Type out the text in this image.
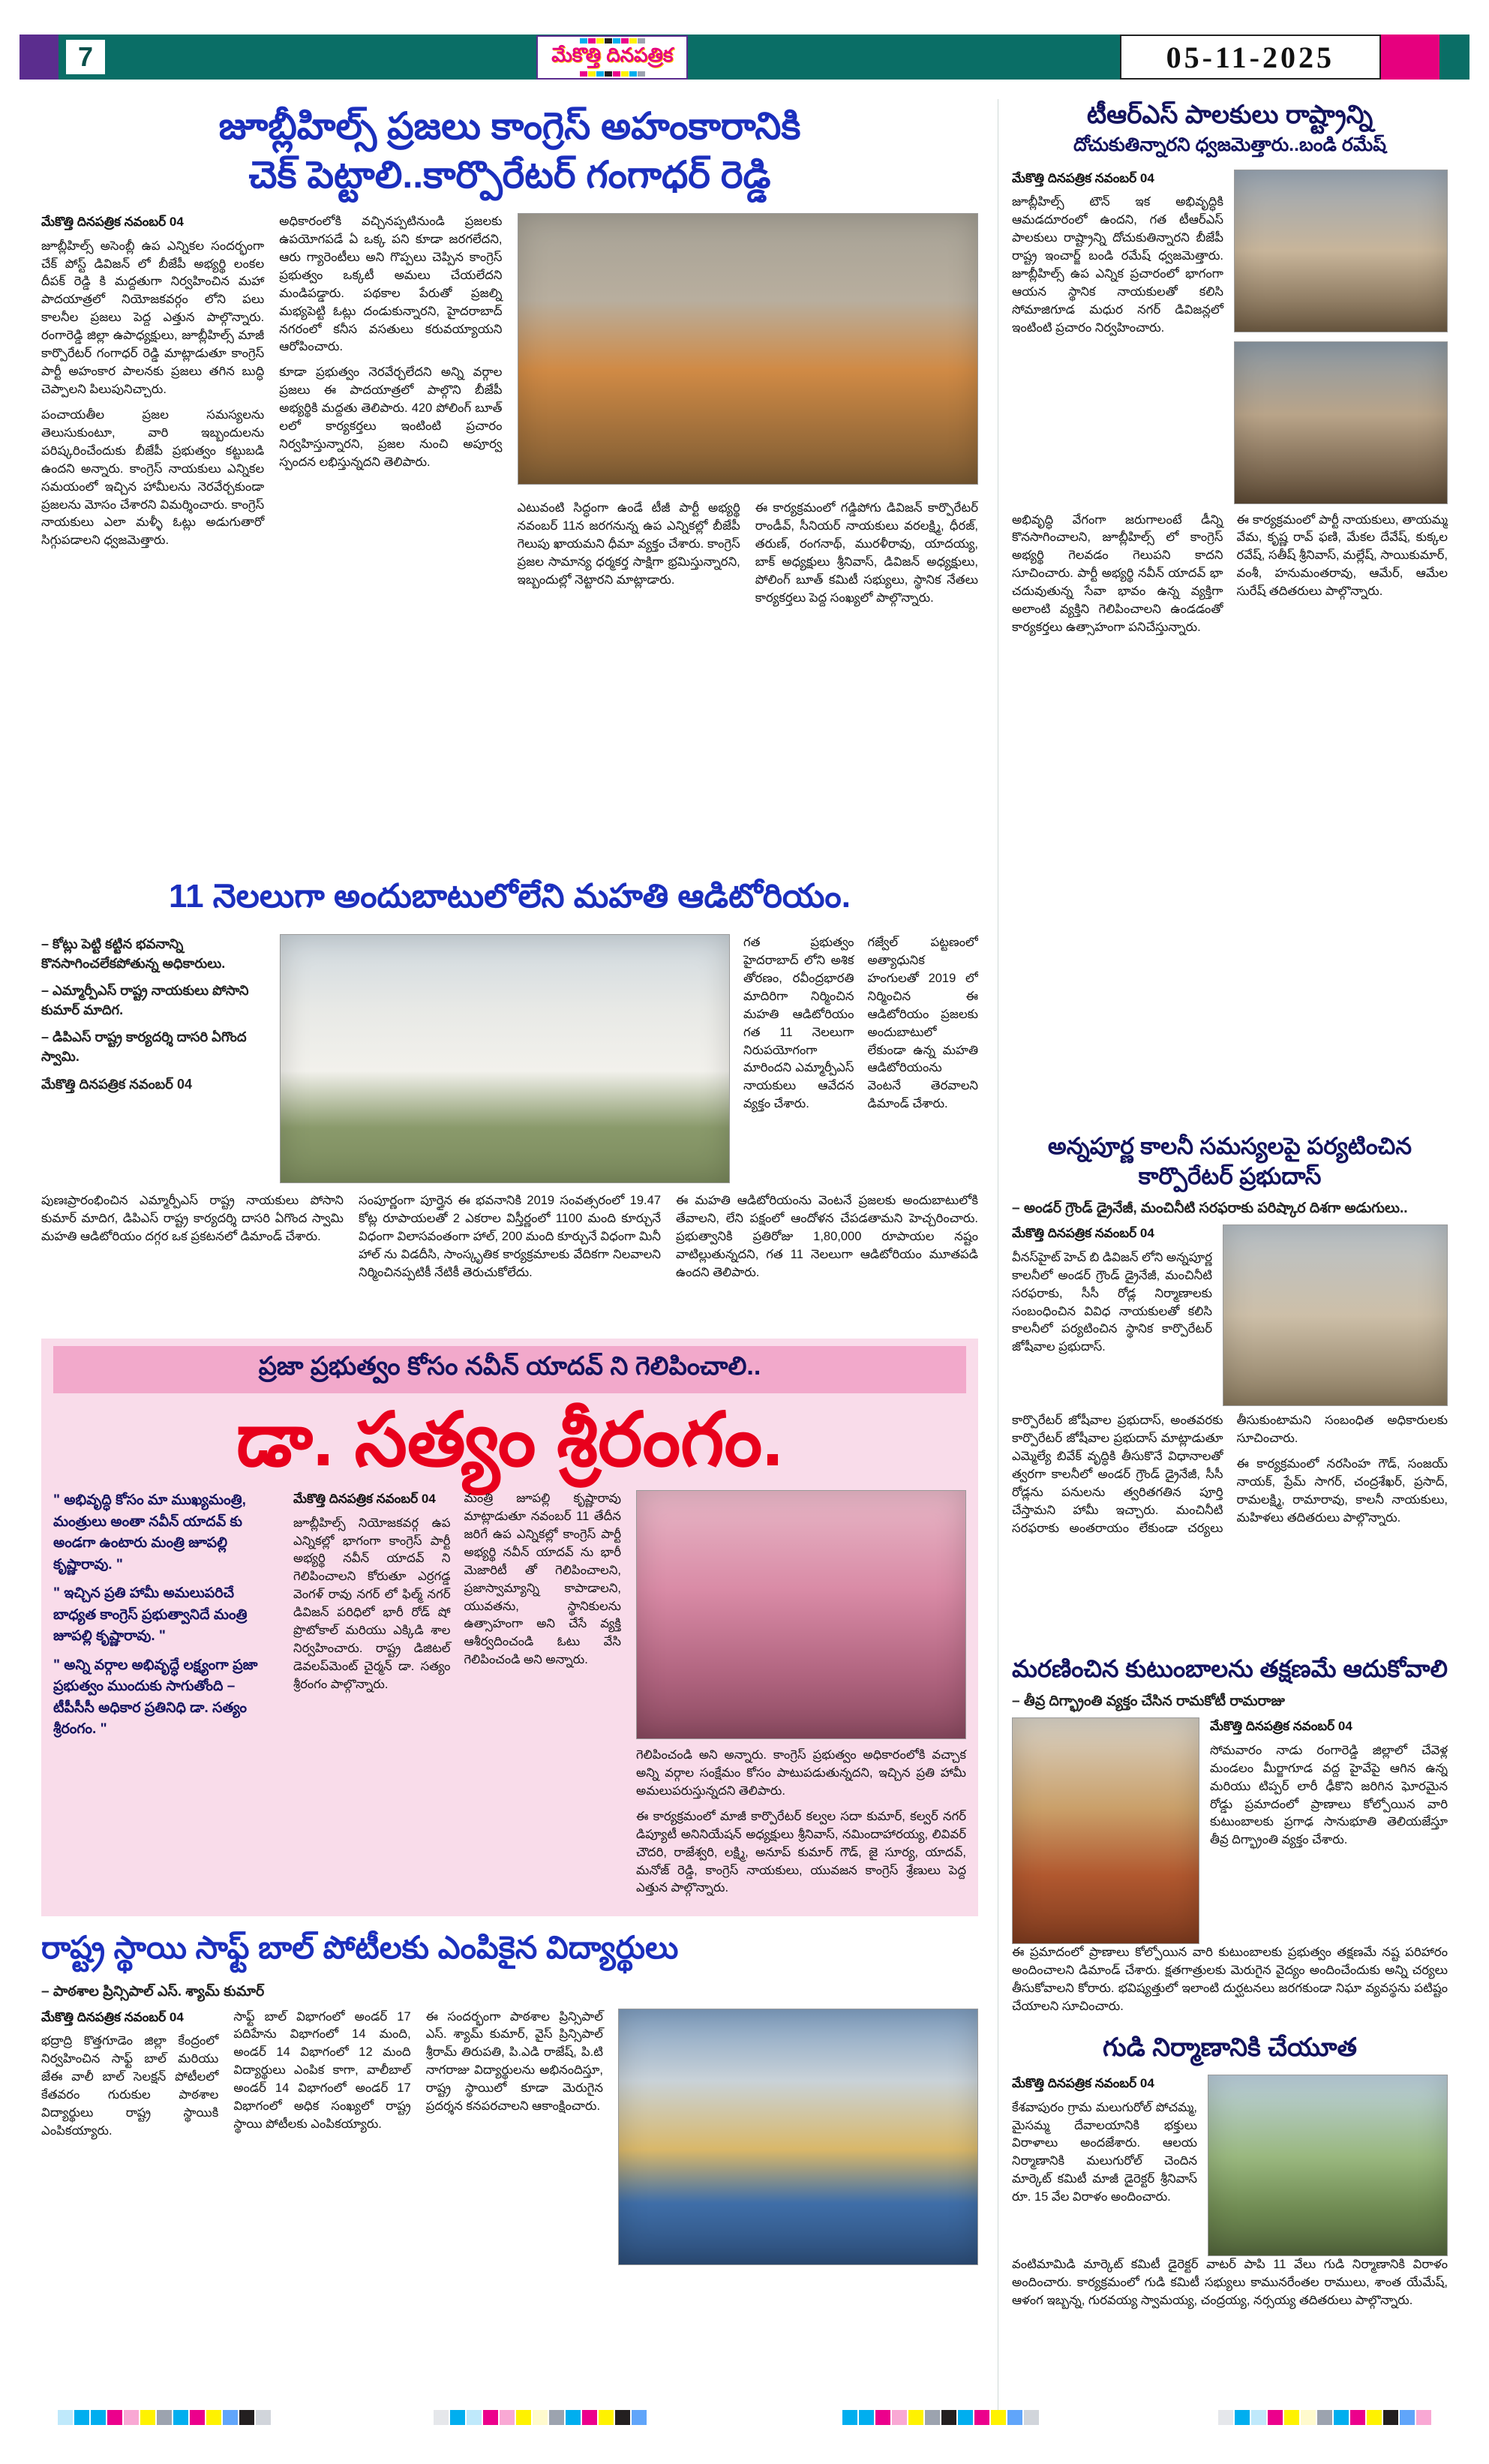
7	మేకొత్తి దినపత్రిక	05-11-2025
జూబ్లీహిల్స్ ప్రజలు కాంగ్రెస్ అహంకారానికి
చెక్ పెట్టాలి..కార్పొరేటర్ గంగాధర్ రెడ్డి

మేకొత్తి దినపత్రిక నవంబర్ 04

జూబ్లీహిల్స్ అసెంబ్లీ ఉప ఎన్నికల సందర్భంగా చేక్ పోస్ట్ డివిజన్ లో బీజేపీ అభ్యర్థి లంకల దీపక్ రెడ్డి కి మద్దతుగా నిర్వహించిన మహా పాదయాత్రలో నియోజకవర్గం లోని పలు కాలనీల ప్రజలు పెద్ద ఎత్తున పాల్గొన్నారు. రంగారెడ్డి జిల్లా ఉపాధ్యక్షులు, జూబ్లీహిల్స్ మాజీ కార్పొరేటర్ గంగాధర్ రెడ్డి మాట్లాడుతూ కాంగ్రెస్ పార్టీ అహంకార పాలనకు ప్రజలు తగిన బుద్ధి చెప్పాలని పిలుపునిచ్చారు.

పంచాయతీల ప్రజల సమస్యలను తెలుసుకుంటూ, వారి ఇబ్బందులను పరిష్కరించేందుకు బీజేపీ ప్రభుత్వం కట్టుబడి ఉందని అన్నారు. కాంగ్రెస్ నాయకులు ఎన్నికల సమయంలో ఇచ్చిన హామీలను నెరవేర్చకుండా ప్రజలను మోసం చేశారని విమర్శించారు. కాంగ్రెస్ నాయకులు ఎలా మళ్ళీ ఓట్లు అడుగుతారో సిగ్గుపడాలని ధ్వజమెత్తారు.

అధికారంలోకి వచ్చినప్పటినుండి ప్రజలకు ఉపయోగపడే ఏ ఒక్క పని కూడా జరగలేదని, ఆరు గ్యారెంటీలు అని గొప్పలు చెప్పిన కాంగ్రెస్ ప్రభుత్వం ఒక్కటీ అమలు చేయలేదని మండిపడ్డారు. పథకాల పేరుతో ప్రజల్ని మభ్యపెట్టి ఓట్లు దండుకున్నారని, హైదరాబాద్ నగరంలో కనీస వసతులు కరువయ్యాయని ఆరోపించారు.

కూడా ప్రభుత్వం నెరవేర్చలేదని అన్ని వర్గాల ప్రజలు ఈ పాదయాత్రలో పాల్గొని బీజేపీ అభ్యర్థికి మద్దతు తెలిపారు. 420 పోలింగ్ బూత్ లలో కార్యకర్తలు ఇంటింటి ప్రచారం నిర్వహిస్తున్నారని, ప్రజల నుంచి అపూర్వ స్పందన లభిస్తున్నదని తెలిపారు.

ఎటువంటి సిద్ధంగా ఉండే టీజీ పార్టీ అభ్యర్థి నవంబర్ 11న జరగనున్న ఉప ఎన్నికల్లో బీజేపీ గెలుపు ఖాయమని ధీమా వ్యక్తం చేశారు. కాంగ్రెస్ ప్రజల సామాన్య ధర్మకర్త సాక్షిగా భ్రమిస్తున్నారని, ఇబ్బందుల్లో నెట్టారని మాట్లాడారు.

ఈ కార్యక్రమంలో గడ్డిపోగు డివిజన్ కార్పొరేటర్ రాండీవ్, సీనియర్ నాయకులు వరలక్ష్మి, ధీరజ్, తరుణ్, రంగనాథ్, మురళీరావు, యాదయ్య, బాక్ అధ్యక్షులు శ్రీనివాస్, డివిజన్ అధ్యక్షులు, పోలింగ్ బూత్ కమిటీ సభ్యులు, స్థానిక నేతలు కార్యకర్తలు పెద్ద సంఖ్యలో పాల్గొన్నారు.

11 నెలలుగా అందుబాటులోలేని మహతి ఆడిటోరియం.

– కోట్లు పెట్టి కట్టిన భవనాన్ని కొనసాగించలేకపోతున్న అధికారులు.

– ఎమ్మార్పీఎస్ రాష్ట్ర నాయకులు పోసాని కుమార్ మాదిగ.

– డిపిఎస్ రాష్ట్ర కార్యదర్శి దాసరి ఏగొంద స్వామి.

మేకొత్తి దినపత్రిక నవంబర్ 04

గత ప్రభుత్వం హైదరాబాద్ లోని అశిక తోరణం, రవీంద్రభారతి మాదిరిగా నిర్మించిన మహతి ఆడిటోరియం గత 11 నెలలుగా నిరుపయోగంగా మారిందని ఎమ్మార్పీఎస్ నాయకులు ఆవేదన వ్యక్తం చేశారు.

గజ్వేల్ పట్టణంలో అత్యాధునిక హంగులతో 2019 లో నిర్మించిన ఈ ఆడిటోరియం ప్రజలకు అందుబాటులో లేకుండా ఉన్న మహతి ఆడిటోరియంను వెంటనే తెరవాలని డిమాండ్ చేశారు.

పుణఃప్రారంభించిన ఎమ్మార్పీఎస్ రాష్ట్ర నాయకులు పోసాని కుమార్ మాదిగ, డిపిఎస్ రాష్ట్ర కార్యదర్శి దాసరి ఏగొంద స్వామి మహతి ఆడిటోరియం దగ్గర ఒక ప్రకటనలో డిమాండ్ చేశారు.

సంపూర్ణంగా పూర్తైన ఈ భవనానికి 2019 సంవత్సరంలో 19.47 కోట్ల రూపాయలతో 2 ఎకరాల విస్తీర్ణంలో 1100 మంది కూర్చునే విధంగా విలాసవంతంగా హాల్, 200 మంది కూర్చునే విధంగా మినీ హాల్ ను విడదీసి, సాంస్కృతిక కార్యక్రమాలకు వేదికగా నిలవాలని నిర్మించినప్పటికీ నేటికీ తెరుచుకోలేదు.

ఈ మహతి ఆడిటోరియంను వెంటనే ప్రజలకు అందుబాటులోకి తేవాలని, లేని పక్షంలో ఆందోళన చేపడతామని హెచ్చరించారు. ప్రభుత్వానికి ప్రతిరోజు 1,80,000 రూపాయల నష్టం వాటిల్లుతున్నదని, గత 11 నెలలుగా ఆడిటోరియం మూతపడి ఉందని తెలిపారు.

ప్రజా ప్రభుత్వం కోసం నవీన్ యాదవ్ ని గెలిపించాలి..
డా. సత్యం శ్రీరంగం.

" అభివృద్ధి కోసం మా ముఖ్యమంత్రి, మంత్రులు అంతా నవీన్ యాదవ్ కు అండగా ఉంటారు మంత్రి జూపల్లి కృష్ణారావు. "

" ఇచ్చిన ప్రతి హామీ అమలుపరిచే బాధ్యత కాంగ్రెస్ ప్రభుత్వానిదే మంత్రి జూపల్లి కృష్ణారావు. "

" అన్ని వర్గాల అభివృద్ధే లక్ష్యంగా ప్రజా ప్రభుత్వం ముందుకు సాగుతోంది – టీపీసీసీ అధికార ప్రతినిధి డా. సత్యం శ్రీరంగం. "

మేకొత్తి దినపత్రిక నవంబర్ 04

జూబ్లీహిల్స్ నియోజకవర్గ ఉప ఎన్నికల్లో భాగంగా కాంగ్రెస్ పార్టీ అభ్యర్థి నవీన్ యాదవ్ ని గెలిపించాలని కోరుతూ ఎర్రగడ్డ వెంగళ్ రావు నగర్ లో ఫిల్మ్ నగర్ డివిజన్ పరిధిలో భారీ రోడ్ షో ప్రొటోకాల్ మరియు ఎక్కిడి శాల నిర్వహించారు. రాష్ట్ర డిజిటల్ డెవలప్‌మెంట్ చైర్మన్ డా. సత్యం శ్రీరంగం పాల్గొన్నారు.

మంత్రి జూపల్లి కృష్ణారావు మాట్లాడుతూ నవంబర్ 11 తేదీన జరిగే ఉప ఎన్నికల్లో కాంగ్రెస్ పార్టీ అభ్యర్థి నవీన్ యాదవ్ ను భారీ మెజారిటీ తో గెలిపించాలని, ప్రజాస్వామ్యాన్ని కాపాడాలని, యువతను, స్థానికులను ఉత్సాహంగా అని చేసే వ్యక్తి ఆశీర్వదించండి ఓటు వేసి గెలిపించండి అని అన్నారు.

గెలిపించండి అని అన్నారు. కాంగ్రెస్ ప్రభుత్వం అధికారంలోకి వచ్చాక అన్ని వర్గాల సంక్షేమం కోసం పాటుపడుతున్నదని, ఇచ్చిన ప్రతి హామీ అమలుపరుస్తున్నదని తెలిపారు.

ఈ కార్యక్రమంలో మాజీ కార్పొరేటర్ కల్వల సదా కుమార్, కల్వర్ నగర్ డిప్యూటీ అనినియేషన్ అధ్యక్షులు శ్రీనివాస్, నమిందాహారయ్య, లివివర్ చౌదరి, రాజేశ్వరి, లక్ష్మి, అనూప్ కుమార్ గౌడ్, జై సూర్య, యాదవ్, మనోజ్ రెడ్డి, కాంగ్రెస్ నాయకులు, యువజన కాంగ్రెస్ శ్రేణులు పెద్ద ఎత్తున పాల్గొన్నారు.

రాష్ట్ర స్థాయి సాఫ్ట్ బాల్ పోటీలకు ఎంపికైన విద్యార్థులు

– పాఠశాల ప్రిన్సిపాల్ ఎస్. శ్యామ్ కుమార్

మేకొత్తి దినపత్రిక నవంబర్ 04

భద్రాద్రి కొత్తగూడెం జిల్లా కేంద్రంలో నిర్వహించిన సాఫ్ట్ బాల్ మరియు జేఈ వాలీ బాల్ సెలక్షన్ పోటీలలో కేతవరం గురుకుల పాఠశాల విద్యార్థులు రాష్ట్ర స్థాయికి ఎంపికయ్యారు.

సాఫ్ట్ బాల్ విభాగంలో అండర్ 17 పదిహేను విభాగంలో 14 మంది, అండర్ 14 విభాగంలో 12 మంది విద్యార్థులు ఎంపిక కాగా, వాలీబాల్ అండర్ 14 విభాగంలో అండర్ 17 విభాగంలో అధిక సంఖ్యలో రాష్ట్ర స్థాయి పోటీలకు ఎంపికయ్యారు.

ఈ సందర్భంగా పాఠశాల ప్రిన్సిపాల్ ఎస్. శ్యామ్ కుమార్, వైస్ ప్రిన్సిపాల్ శ్రీరామ్ తిరుపతి, పి.ఎడి రాజేష్, పి.టి నాగరాజు విద్యార్థులను అభినందిస్తూ, రాష్ట్ర స్థాయిలో కూడా మెరుగైన ప్రదర్శన కనపరచాలని ఆకాంక్షించారు.

టీఆర్ఎస్ పాలకులు రాష్ట్రాన్ని
దోచుకుతిన్నారని ధ్వజమెత్తారు..బండి రమేష్

మేకొత్తి దినపత్రిక నవంబర్ 04

జూబ్లీహిల్స్ టౌన్ ఇక అభివృద్ధికి ఆమడదూరంలో ఉందని, గత టీఆర్ఎస్ పాలకులు రాష్ట్రాన్ని దోచుకుతిన్నారని బీజేపీ రాష్ట్ర ఇంచార్జ్ బండి రమేష్ ధ్వజమెత్తారు. జూబ్లీహిల్స్ ఉప ఎన్నిక ప్రచారంలో భాగంగా ఆయన స్థానిక నాయకులతో కలిసి సోమాజిగూడ మధుర నగర్ డివిజన్లలో ఇంటింటి ప్రచారం నిర్వహించారు.

అభివృద్ధి వేగంగా జరుగాలంటే డీన్ని కొనసాగించాలని, జూబ్లీహిల్స్ లో కాంగ్రెస్ అభ్యర్థి గెలవడం గెలుపని కాదని సూచించారు. పార్టీ అభ్యర్థి నవీన్ యాదవ్ భా చదువుతున్న సేవా భావం ఉన్న వ్యక్తిగా అలాంటి వ్యక్తిని గెలిపించాలని ఉండడంతో కార్యకర్తలు ఉత్సాహంగా పనిచేస్తున్నారు.

ఈ కార్యక్రమంలో పార్టీ నాయకులు, తాయమ్మ వేమ, కృష్ణ రావ్ ఫణి, మేకల దేవేష్, కుక్కల రవేష్, సతీష్ శ్రీనివాస్, మల్లేష్, సాయికుమార్, వంశీ, హనుమంతరావు, ఆమేర్, ఆమేల సురేష్ తదితరులు పాల్గొన్నారు.

అన్నపూర్ణ కాలనీ సమస్యలపై పర్యటించిన కార్పొరేటర్ ప్రభుదాస్

– అండర్ గ్రౌండ్ డ్రైనేజీ, మంచినీటి సరఫరాకు పరిష్కార దిశగా అడుగులు..

మేకొత్తి దినపత్రిక నవంబర్ 04

వీనస్‌హైట్ హెచ్ బి డివిజన్ లోని అన్నపూర్ణ కాలనీలో అండర్ గ్రౌండ్ డ్రైనేజీ, మంచినీటి సరఫరాకు, సీసీ రోడ్ల నిర్మాణాలకు సంబంధించిన వివిధ నాయకులతో కలిసి కాలనీలో పర్యటించిన స్థానిక కార్పొరేటర్ జోషీవాల ప్రభుదాస్.

కార్పొరేటర్ జోషీవాల ప్రభుదాస్, అంతవరకు కార్పొరేటర్ జోషీవాల ప్రభుదాస్ మాట్లాడుతూ ఎమ్మెల్యే బివేక్ వృద్ధికి తీసుకొనే విధానాలతో త్వరగా కాలనీలో అండర్ గ్రౌండ్ డ్రైనేజీ, సీసీ రోడ్లను పనులను త్వరితగతిన పూర్తి చేస్తామని హామీ ఇచ్చారు. మంచినీటి సరఫరాకు అంతరాయం లేకుండా చర్యలు తీసుకుంటామని సంబంధిత అధికారులకు సూచించారు.

ఈ కార్యక్రమంలో నరసింహ గౌడ్, సంజయ్ నాయక్, ప్రేమ్ సాగర్, చంద్రశేఖర్, ప్రసాద్, రామలక్ష్మి, రామారావు, కాలనీ నాయకులు, మహిళలు తదితరులు పాల్గొన్నారు.

మరణించిన కుటుంబాలను తక్షణమే ఆదుకోవాలి

– తీవ్ర దిగ్భ్రాంతి వ్యక్తం చేసిన రామకోటీ రామరాజు

మేకొత్తి దినపత్రిక నవంబర్ 04

సోమవారం నాడు రంగారెడ్డి జిల్లాలో చేవెళ్ల మండలం మీర్జాగూడ వద్ద హైవేపై ఆగిన ఉన్న మరియు టిప్పర్ లారీ ఢీకొని జరిగిన ఘోరమైన రోడ్డు ప్రమాదంలో ప్రాణాలు కోల్పోయిన వారి కుటుంబాలకు ప్రగాఢ సానుభూతి తెలియజేస్తూ తీవ్ర దిగ్భ్రాంతి వ్యక్తం చేశారు.

ఈ ప్రమాదంలో ప్రాణాలు కోల్పోయిన వారి కుటుంబాలకు ప్రభుత్వం తక్షణమే నష్ట పరిహారం అందించాలని డిమాండ్ చేశారు. క్షతగాత్రులకు మెరుగైన వైద్యం అందించేందుకు అన్ని చర్యలు తీసుకోవాలని కోరారు. భవిష్యత్తులో ఇలాంటి దుర్ఘటనలు జరగకుండా నిఘా వ్యవస్థను పటిష్టం చేయాలని సూచించారు.

గుడి నిర్మాణానికి చేయూత

మేకొత్తి దినపత్రిక నవంబర్ 04

కేశవాపురం గ్రామ మలుగురోల్ పోచమ్మ, మైసమ్మ దేవాలయానికి భక్తులు విరాళాలు అందజేశారు. ఆలయ నిర్మాణానికి మలుగురోల్ చెందిన మార్కెట్ కమిటీ మాజీ డైరెక్టర్ శ్రీనివాస్ రూ. 15 వేల విరాళం అందించారు.

వంటిమామిడి మార్కెట్ కమిటీ డైరెక్టర్ వాటర్ పాపి 11 వేలు గుడి నిర్మాణానికి విరాళం అందించారు. కార్యక్రమంలో గుడి కమిటీ సభ్యులు కామునరేంతల రాములు, శాంత యేమేష్, ఆళంగ ఇబ్బన్న, గురవయ్య స్వామయ్య, చంద్రయ్య, నర్సయ్య తదితరులు పాల్గొన్నారు.
